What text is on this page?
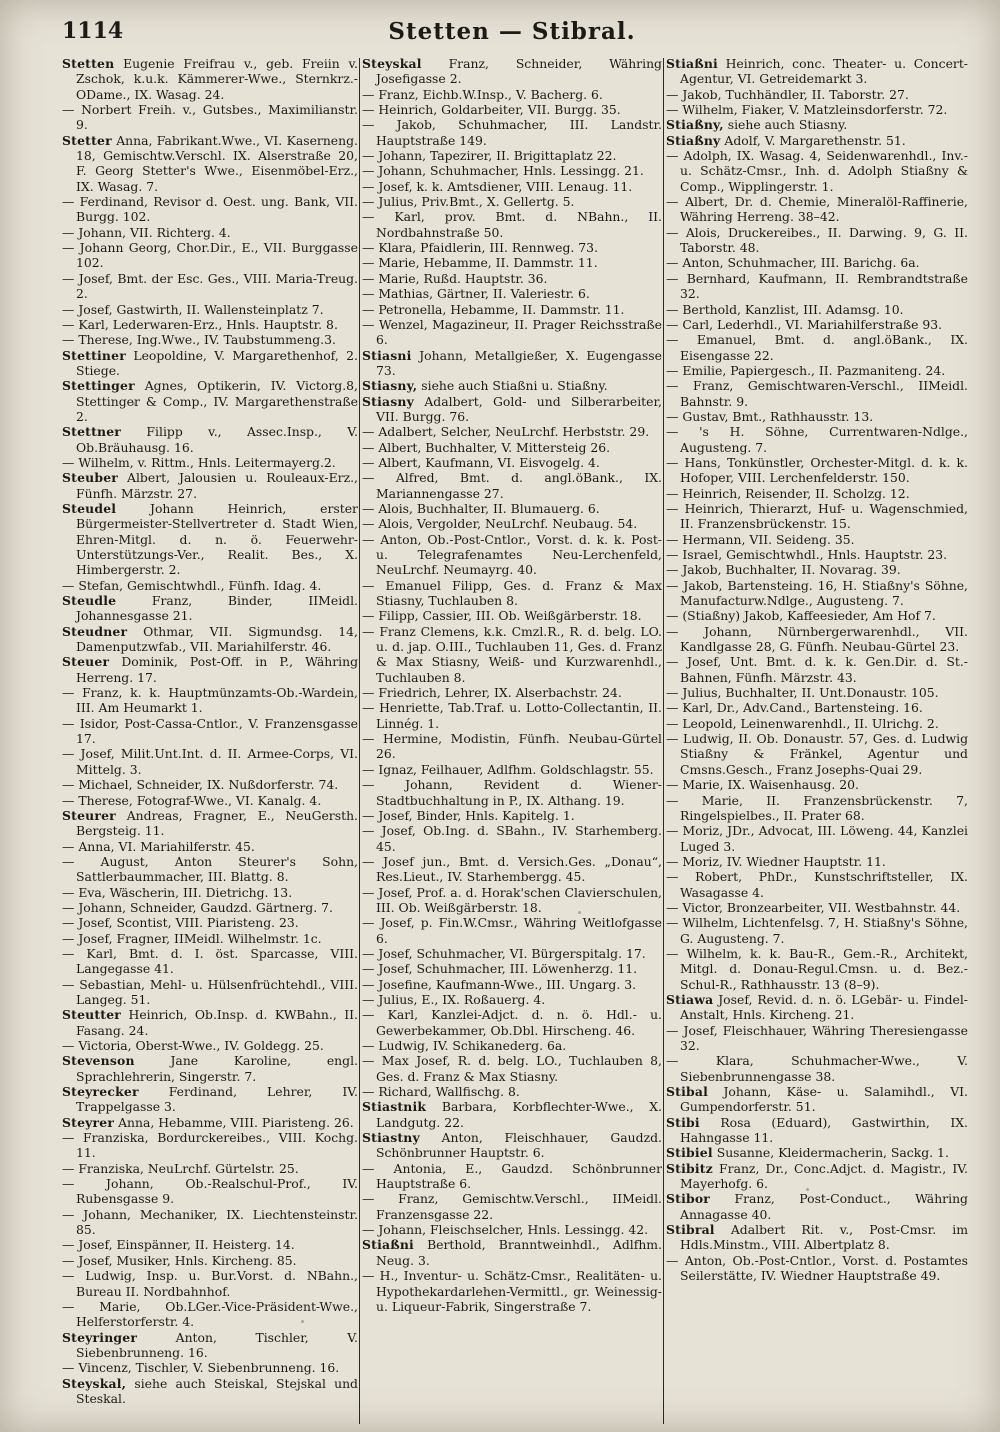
1114	Stetten — Stibral.

Stetten Eugenie Freifrau v., geb. Freiin v. Zschok, k.u.k. Kämmerer-Wwe., Sternkrz.-ODame., IX. Wasag. 24.

— Norbert Freih. v., Gutsbes., Maximilianstr. 9.

Stetter Anna, Fabrikant.Wwe., VI. Kaserneng. 18, Gemischtw.Verschl. IX. Alserstraße 20, F. Georg Stetter's Wwe., Eisenmöbel-Erz., IX. Wasag. 7.

— Ferdinand, Revisor d. Oest. ung. Bank, VII. Burgg. 102.

— Johann, VII. Richterg. 4.

— Johann Georg, Chor.Dir., E., VII. Burggasse 102.

— Josef, Bmt. der Esc. Ges., VIII. Maria-Treug. 2.

— Josef, Gastwirth, II. Wallensteinplatz 7.

— Karl, Lederwaren-Erz., Hnls. Hauptstr. 8.

— Therese, Ing.Wwe., IV. Taubstummeng.3.

Stettiner Leopoldine, V. Margarethenhof, 2. Stiege.

Stettinger Agnes, Optikerin, IV. Victorg.8, Stettinger & Comp., IV. Margarethenstraße 2.

Stettner Filipp v., Assec.Insp., V. Ob.Bräuhausg. 16.

— Wilhelm, v. Rittm., Hnls. Leitermayerg.2.

Steuber Albert, Jalousien u. Rouleaux-Erz., Fünfh. Märzstr. 27.

Steudel	Johann Heinrich, erster Bürgermeister-Stellvertreter d. Stadt Wien, Ehren-Mitgl. d. n. ö. Feuerwehr-Unterstützungs-Ver., Realit. Bes., X. Himbergerstr. 2.

— Stefan, Gemischtwhdl., Fünfh. Idag. 4.

Steudle	Franz, Binder, IIMeidl. Johannesgasse 21.

Steudner Othmar, VII. Sigmundsg. 14, Damenputzwfab., VII. Mariahilferstr. 46.

Steuer Dominik, Post-Off. in P., Währing Herreng. 17.

— Franz, k. k. Hauptmünzamts-Ob.-Wardein, III. Am Heumarkt 1.

— Isidor, Post-Cassa-Cntlor., V. Franzensgasse 17.

— Josef, Milit.Unt.Int. d. II. Armee-Corps, VI. Mittelg. 3.

— Michael, Schneider, IX. Nußdorferstr. 74.

— Therese, Fotograf-Wwe., VI. Kanalg. 4.

Steurer Andreas, Fragner, E., NeuGersth. Bergsteig. 11.

— Anna, VI. Mariahilferstr. 45.

— August, Anton Steurer's Sohn, Sattlerbaummacher, III. Blattg. 8.

— Eva, Wäscherin, III. Dietrichg. 13.

— Johann, Schneider, Gaudzd. Gärtnerg. 7.

— Josef, Scontist, VIII. Piaristeng. 23.

— Josef, Fragner, IIMeidl. Wilhelmstr. 1c.

— Karl, Bmt. d. I. öst. Sparcasse, VIII. Langegasse 41.

— Sebastian, Mehl- u. Hülsenfrüchtehdl., VIII. Langeg. 51.

Steutter Heinrich, Ob.Insp. d. KWBahn., II. Fasang. 24.

— Victoria, Oberst-Wwe., IV. Goldegg. 25.

Stevenson	Jane Karoline, engl. Sprachlehrerin, Singerstr. 7.

Steyrecker Ferdinand, Lehrer, IV. Trappelgasse 3.

Steyrer Anna, Hebamme, VIII. Piaristeng. 26.

— Franziska, Bordurckereibes., VIII. Kochg. 11.

— Franziska, NeuLrchf. Gürtelstr. 25.

— Johann, Ob.-Realschul-Prof., IV. Rubensgasse 9.

— Johann, Mechaniker, IX. Liechtensteinstr. 85.

— Josef, Einspänner, II. Heisterg. 14.

— Josef, Musiker, Hnls. Kircheng. 85.

— Ludwig, Insp. u. Bur.Vorst. d. NBahn., Bureau II. Nordbahnhof.

— Marie, Ob.LGer.-Vice-Präsident-Wwe., Helferstorferstr. 4.

Steyringer	Anton, Tischler, V. Siebenbrunneng. 16.

— Vincenz, Tischler, V. Siebenbrunneng. 16.

Steyskal, siehe auch Steiskal, Stejskal und Steskal.

Steyskal Franz, Schneider, Währing Josefigasse 2.

— Franz, Eichb.W.Insp., V. Bacherg. 6.

— Heinrich, Goldarbeiter, VII. Burgg. 35.

— Jakob, Schuhmacher, III. Landstr. Hauptstraße 149.

— Johann, Tapezirer, II. Brigittaplatz 22.

— Johann, Schuhmacher, Hnls. Lessingg. 21.

— Josef, k. k. Amtsdiener, VIII. Lenaug. 11.

— Julius, Priv.Bmt., X. Gellertg. 5.

— Karl, prov. Bmt. d. NBahn., II. Nordbahnstraße 50.

— Klara, Pfaidlerin, III. Rennweg. 73.

— Marie, Hebamme, II. Dammstr. 11.

— Marie, Rußd. Hauptstr. 36.

— Mathias, Gärtner, II. Valeriestr. 6.

— Petronella, Hebamme, II. Dammstr. 11.

— Wenzel, Magazineur, II. Prager Reichsstraße 6.

Stiasni Johann, Metallgießer, X. Eugengasse 73.

Stiasny, siehe auch Stiaßni u. Stiaßny.

Stiasny Adalbert, Gold- und Silberarbeiter, VII. Burgg. 76.

— Adalbert, Selcher, NeuLrchf. Herbststr. 29.

— Albert, Buchhalter, V. Mittersteig 26.

— Albert, Kaufmann, VI. Eisvogelg. 4.

— Alfred, Bmt. d. angl.öBank., IX. Mariannengasse 27.

— Alois, Buchhalter, II. Blumauerg. 6.

— Alois, Vergolder, NeuLrchf. Neubaug. 54.

— Anton, Ob.-Post-Cntlor., Vorst. d. k. k. Post- u. Telegrafenamtes Neu-Lerchenfeld, NeuLrchf. Neumayrg. 40.

— Emanuel Filipp, Ges. d. Franz & Max Stiasny, Tuchlauben 8.

— Filipp, Cassier, III. Ob. Weißgärberstr. 18.

— Franz Clemens, k.k. Cmzl.R., R. d. belg. LO. u. d. jap. O.III., Tuchlauben 11, Ges. d. Franz & Max Stiasny, Weiß- und Kurzwarenhdl., Tuchlauben 8.

— Friedrich, Lehrer, IX. Alserbachstr. 24.

— Henriette, Tab.Traf. u. Lotto-Collectantin, II. Linnég. 1.

— Hermine, Modistin, Fünfh. Neubau-Gürtel 26.

— Ignaz, Feilhauer, Adlfhm. Goldschlagstr. 55.

— Johann, Revident d. Wiener-Stadtbuchhaltung in P., IX. Althang. 19.

— Josef, Binder, Hnls. Kapitelg. 1.

— Josef, Ob.Ing. d. SBahn., IV. Starhemberg. 45.

— Josef jun., Bmt. d. Versich.Ges. „Donau“, Res.Lieut., IV. Starhembergg. 45.

— Josef, Prof. a. d. Horak'schen Clavierschulen, III. Ob. Weißgärberstr. 18.

— Josef, p. Fin.W.Cmsr., Währing Weitlofgasse 6.

— Josef, Schuhmacher, VI. Bürgerspitalg. 17.

— Josef, Schuhmacher, III. Löwenherzg. 11.

— Josefine, Kaufmann-Wwe., III. Ungarg. 3.

— Julius, E., IX. Roßauerg. 4.

— Karl, Kanzlei-Adjct. d. n. ö. Hdl.- u. Gewerbekammer, Ob.Dbl. Hirscheng. 46.

— Ludwig, IV. Schikanederg. 6a.

— Max Josef, R. d. belg. LO., Tuchlauben 8, Ges. d. Franz & Max Stiasny.

— Richard, Wallfischg. 8.

Stiastnik Barbara, Korbflechter-Wwe., X. Landgutg. 22.

Stiastny Anton, Fleischhauer, Gaudzd. Schönbrunner Hauptstr. 6.

— Antonia, E., Gaudzd. Schönbrunner Hauptstraße 6.

— Franz, Gemischtw.Verschl., IIMeidl. Franzensgasse 22.

— Johann, Fleischselcher, Hnls. Lessingg. 42.

Stiaßni Berthold, Branntweinhdl., Adlfhm. Neug. 3.

— H., Inventur- u. Schätz-Cmsr., Realitäten- u. Hypothekardarlehen-Vermittl., gr. Weinessig- u. Liqueur-Fabrik, Singerstraße 7.

Stiaßni Heinrich, conc. Theater- u. Concert-Agentur, VI. Getreidemarkt 3.

— Jakob, Tuchhändler, II. Taborstr. 27.

— Wilhelm, Fiaker, V. Matzleinsdorferstr. 72.

Stiaßny, siehe auch Stiasny.

Stiaßny Adolf, V. Margarethenstr. 51.

— Adolph, IX. Wasag. 4, Seidenwarenhdl., Inv.- u. Schätz-Cmsr., Inh. d. Adolph Stiaßny & Comp., Wipplingerstr. 1.

— Albert, Dr. d. Chemie, Mineralöl-Raffinerie, Währing Herreng. 38–42.

— Alois, Druckereibes., II. Darwing. 9, G. II. Taborstr. 48.

— Anton, Schuhmacher, III. Barichg. 6a.

— Bernhard, Kaufmann, II. Rembrandtstraße 32.

— Berthold, Kanzlist, III. Adamsg. 10.

— Carl, Lederhdl., VI. Mariahilferstraße 93.

— Emanuel, Bmt. d. angl.öBank., IX. Eisengasse 22.

— Emilie, Papiergesch., II. Pazmaniteng. 24.

— Franz, Gemischtwaren-Verschl., IIMeidl. Bahnstr. 9.

— Gustav, Bmt., Rathhausstr. 13.

— 's H. Söhne, Currentwaren-Ndlge., Augusteng. 7.

— Hans, Tonkünstler, Orchester-Mitgl. d. k. k. Hofoper, VIII. Lerchenfelderstr. 150.

— Heinrich, Reisender, II. Scholzg. 12.

— Heinrich, Thierarzt, Huf- u. Wagenschmied, II. Franzensbrückenstr. 15.

— Hermann, VII. Seideng. 35.

— Israel, Gemischtwhdl., Hnls. Hauptstr. 23.

— Jakob, Buchhalter, II. Novarag. 39.

— Jakob, Bartensteing. 16, H. Stiaßny's Söhne, Manufacturw.Ndlge., Augusteng. 7.

— (Stiaßny) Jakob, Kaffeesieder, Am Hof 7.

— Johann, Nürnbergerwarenhdl., VII. Kandlgasse 28, G. Fünfh. Neubau-Gürtel 23.

— Josef, Unt. Bmt. d. k. k. Gen.Dir. d. St.-Bahnen, Fünfh. Märzstr. 43.

— Julius, Buchhalter, II. Unt.Donaustr. 105.

— Karl, Dr., Adv.Cand., Bartensteing. 16.

— Leopold, Leinenwarenhdl., II. Ulrichg. 2.

— Ludwig, II. Ob. Donaustr. 57, Ges. d. Ludwig Stiaßny & Fränkel, Agentur und Cmsns.Gesch., Franz Josephs-Quai 29.

— Marie, IX. Waisenhausg. 20.

— Marie, II. Franzensbrückenstr. 7, Ringelspielbes., II. Prater 68.

— Moriz, JDr., Advocat, III. Löweng. 44, Kanzlei Luged 3.

— Moriz, IV. Wiedner Hauptstr. 11.

— Robert, PhDr., Kunstschriftsteller, IX. Wasagasse 4.

— Victor, Bronzearbeiter, VII. Westbahnstr. 44.

— Wilhelm, Lichtenfelsg. 7, H. Stiaßny's Söhne, G. Augusteng. 7.

— Wilhelm, k. k. Bau-R., Gem.-R., Architekt, Mitgl. d. Donau-Regul.Cmsn. u. d. Bez.-Schul-R., Rathhausstr. 13 (8–9).

Stiawa Josef, Revid. d. n. ö. LGebär- u. Findel-Anstalt, Hnls. Kircheng. 21.

— Josef, Fleischhauer, Währing Theresiengasse 32.

— Klara, Schuhmacher-Wwe., V. Siebenbrunnengasse 38.

Stibal Johann, Käse- u. Salamihdl., VI. Gumpendorferstr. 51.

Stibi Rosa (Eduard), Gastwirthin, IX. Hahngasse 11.

Stibiel Susanne, Kleidermacherin, Sackg. 1.

Stibitz Franz, Dr., Conc.Adjct. d. Magistr., IV. Mayerhofg. 6.

Stibor Franz, Post-Conduct., Währing Annagasse 40.

Stibral Adalbert Rit. v., Post-Cmsr. im Hdls.Minstm., VIII. Albertplatz 8.

— Anton, Ob.-Post-Cntlor., Vorst. d. Postamtes Seilerstätte, IV. Wiedner Hauptstraße 49.
